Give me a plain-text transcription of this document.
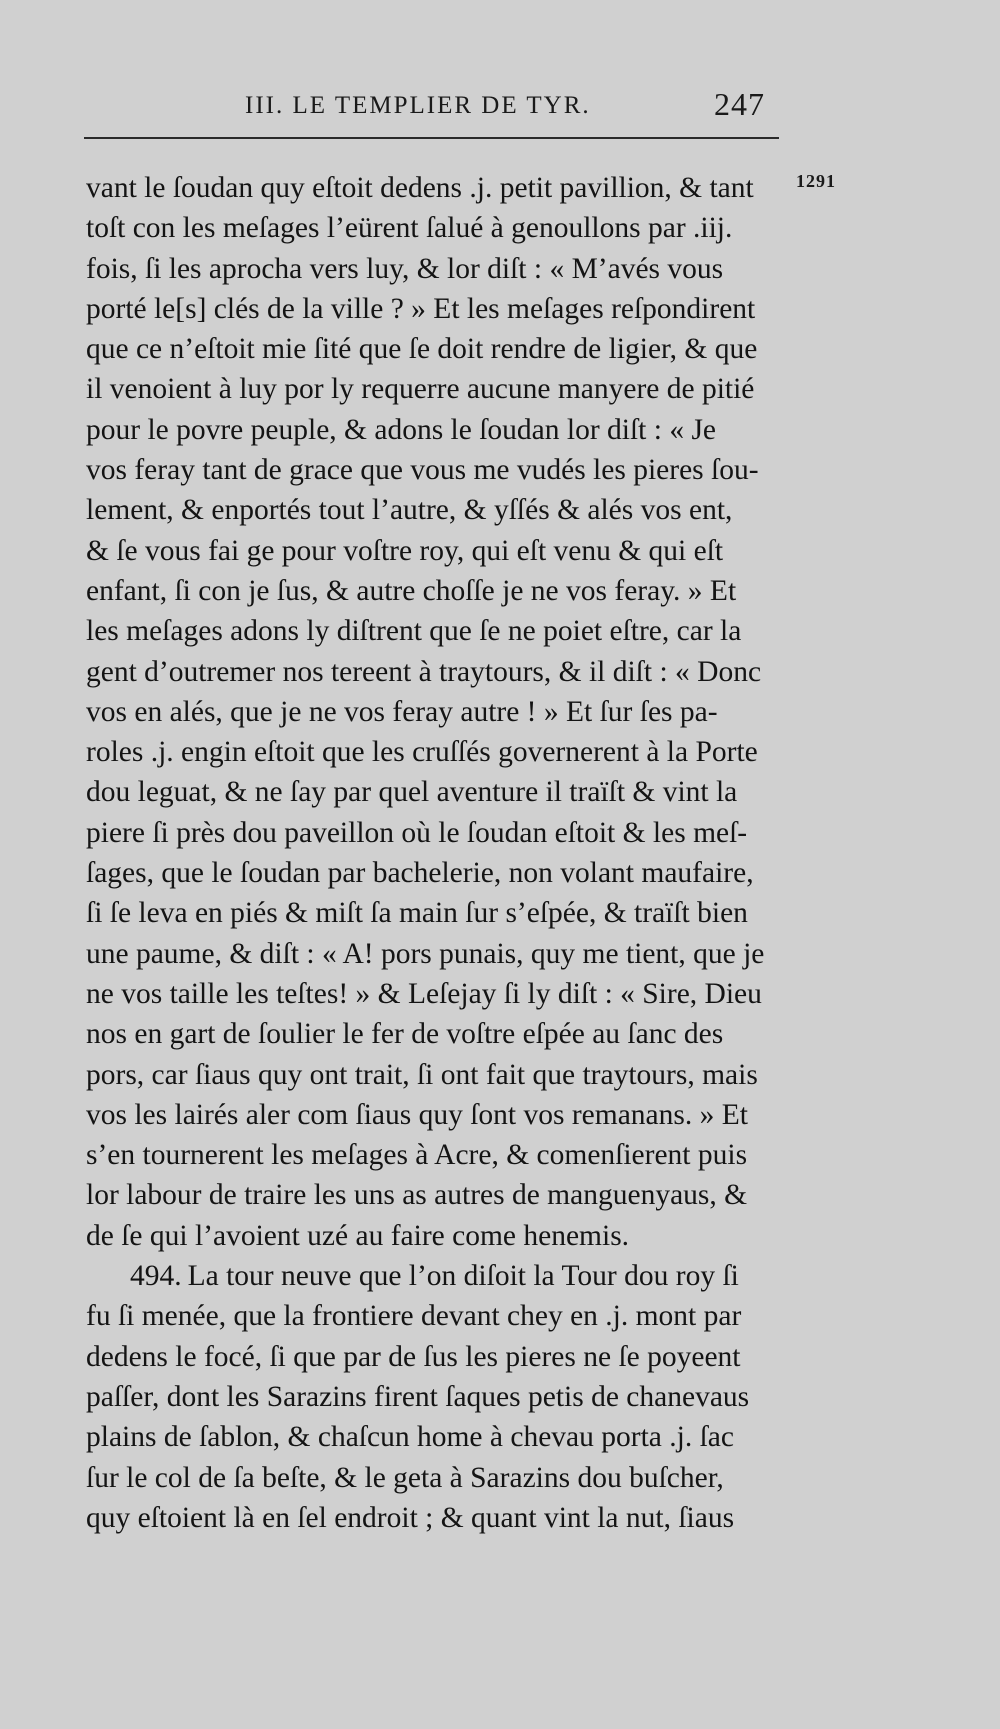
III. LE TEMPLIER DE TYR.	247
1291
vant le ſoudan quy eſtoit dedens .j. petit pavillion, & tant
toſt con les meſages l’eürent ſalué à genoullons par .iij.
fois, ſi les aprocha vers luy, & lor diſt : « M’avés vous
porté le[s] clés de la ville ? » Et les meſages reſpondirent
que ce n’eſtoit mie ſité que ſe doit rendre de ligier, & que
il venoient à luy por ly requerre aucune manyere de pitié
pour le povre peuple, & adons le ſoudan lor diſt : « Je
vos feray tant de grace que vous me vudés les pieres ſou-
lement, & enportés tout l’autre, & yſſés & alés vos ent,
& ſe vous fai ge pour voſtre roy, qui eſt venu & qui eſt
enfant, ſi con je ſus, & autre choſſe je ne vos feray. » Et
les meſages adons ly diſtrent que ſe ne poiet eſtre, car la
gent d’outremer nos tereent à traytours, & il diſt : « Donc
vos en alés, que je ne vos feray autre ! » Et ſur ſes pa-
roles .j. engin eſtoit que les cruſſés governerent à la Porte
dou leguat, & ne ſay par quel aventure il traïſt & vint la
piere ſi près dou paveillon où le ſoudan eſtoit & les meſ-
ſages, que le ſoudan par bachelerie, non volant maufaire,
ſi ſe leva en piés & miſt ſa main ſur s’eſpée, & traïſt bien
une paume, & diſt : « A! pors punais, quy me tient, que je
ne vos taille les teſtes! » & Leſejay ſi ly diſt : « Sire, Dieu
nos en gart de ſoulier le fer de voſtre eſpée au ſanc des
pors, car ſiaus quy ont trait, ſi ont fait que traytours, mais
vos les lairés aler com ſiaus quy ſont vos remanans. » Et
s’en tournerent les meſages à Acre, & comenſierent puis
lor labour de traire les uns as autres de manguenyaus, &
de ſe qui l’avoient uzé au faire come henemis.
494. La tour neuve que l’on diſoit la Tour dou roy ſi
fu ſi menée, que la frontiere devant chey en .j. mont par
dedens le focé, ſi que par de ſus les pieres ne ſe poyeent
paſſer, dont les Sarazins firent ſaques petis de chanevaus
plains de ſablon, & chaſcun home à chevau porta .j. ſac
ſur le col de ſa beſte, & le geta à Sarazins dou buſcher,
quy eſtoient là en ſel endroit ; & quant vint la nut, ſiaus
